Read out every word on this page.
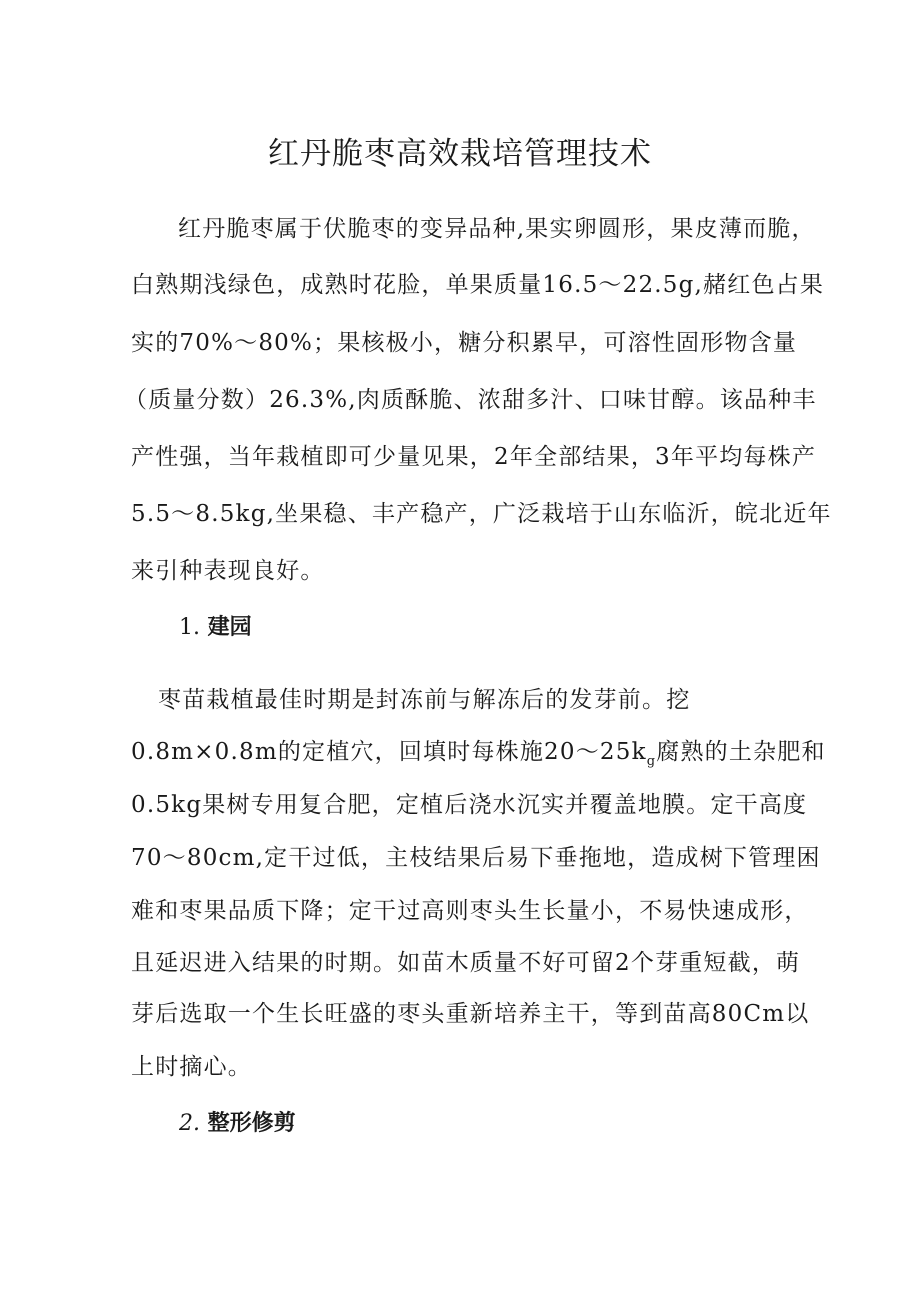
红丹脆枣高效栽培管理技术
红丹脆枣属于伏脆枣的变异品种,果实卵圆形，果皮薄而脆，
白熟期浅绿色，成熟时花脸，单果质量16.5～22.5g,赭红色占果
实的70%～80%；果核极小，糖分积累早，可溶性固形物含量
（质量分数）26.3%,肉质酥脆、浓甜多汁、口味甘醇。该品种丰
产性强，当年栽植即可少量见果，2年全部结果，3年平均每株产
5.5～8.5kg,坐果稳、丰产稳产，广泛栽培于山东临沂，皖北近年
来引种表现良好。
1. 建园
枣苗栽植最佳时期是封冻前与解冻后的发芽前。挖
0.8m×0.8m的定植穴，回填时每株施$20\sim 25k_g$腐熟的土杂肥和
0.5kg果树专用复合肥，定植后浇水沉实并覆盖地膜。定干高度
70～80cm,定干过低，主枝结果后易下垂拖地，造成树下管理困
难和枣果品质下降；定干过高则枣头生长量小，不易快速成形，
且延迟进入结果的时期。如苗木质量不好可留2个芽重短截，萌
芽后选取一个生长旺盛的枣头重新培养主干，等到苗高80Cm以
上时摘心。
2. 整形修剪
